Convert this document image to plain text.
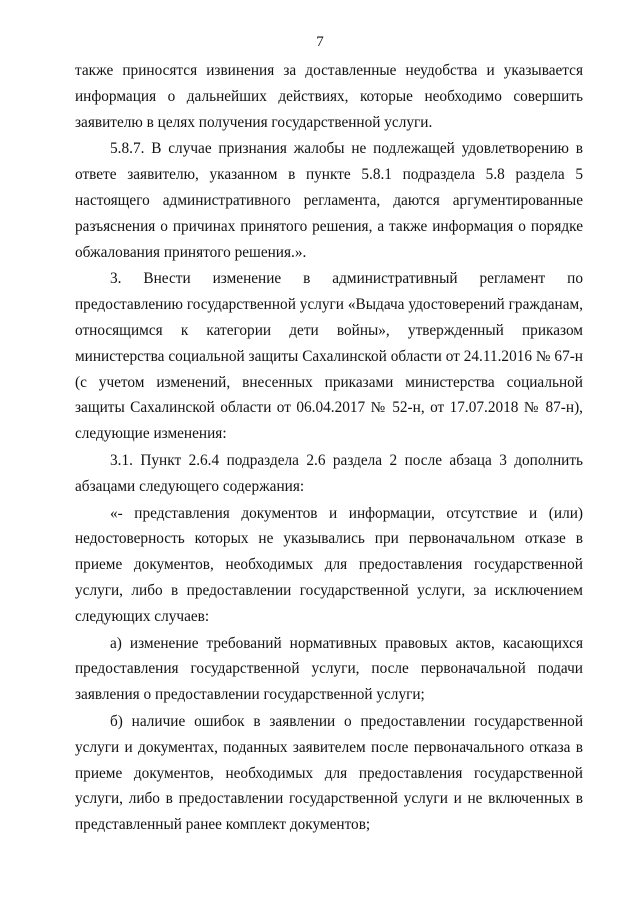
7

также приносятся извинения за доставленные неудобства и указывается информация о дальнейших действиях, которые необходимо совершить заявителю в целях получения государственной услуги.

5.8.7. В случае признания жалобы не подлежащей удовлетворению в ответе заявителю, указанном в пункте 5.8.1 подраздела 5.8 раздела 5 настоящего административного регламента, даются аргументированные разъяснения о причинах принятого решения, а также информация о порядке обжалования принятого решения.».

3. Внести изменение в административный регламент по предоставлению государственной услуги «Выдача удостоверений гражданам, относящимся к категории дети войны», утвержденный приказом министерства социальной защиты Сахалинской области от 24.11.2016 № 67-н (с учетом изменений, внесенных приказами министерства социальной защиты Сахалинской области от 06.04.2017 № 52-н, от 17.07.2018 № 87-н), следующие изменения:

3.1. Пункт 2.6.4 подраздела 2.6 раздела 2 после абзаца 3 дополнить абзацами следующего содержания:

«- представления документов и информации, отсутствие и (или) недостоверность которых не указывались при первоначальном отказе в приеме документов, необходимых для предоставления государственной услуги, либо в предоставлении государственной услуги, за исключением следующих случаев:

а) изменение требований нормативных правовых актов, касающихся предоставления государственной услуги, после первоначальной подачи заявления о предоставлении государственной услуги;

б) наличие ошибок в заявлении о предоставлении государственной услуги и документах, поданных заявителем после первоначального отказа в приеме документов, необходимых для предоставления государственной услуги, либо в предоставлении государственной услуги и не включенных в представленный ранее комплект документов;
